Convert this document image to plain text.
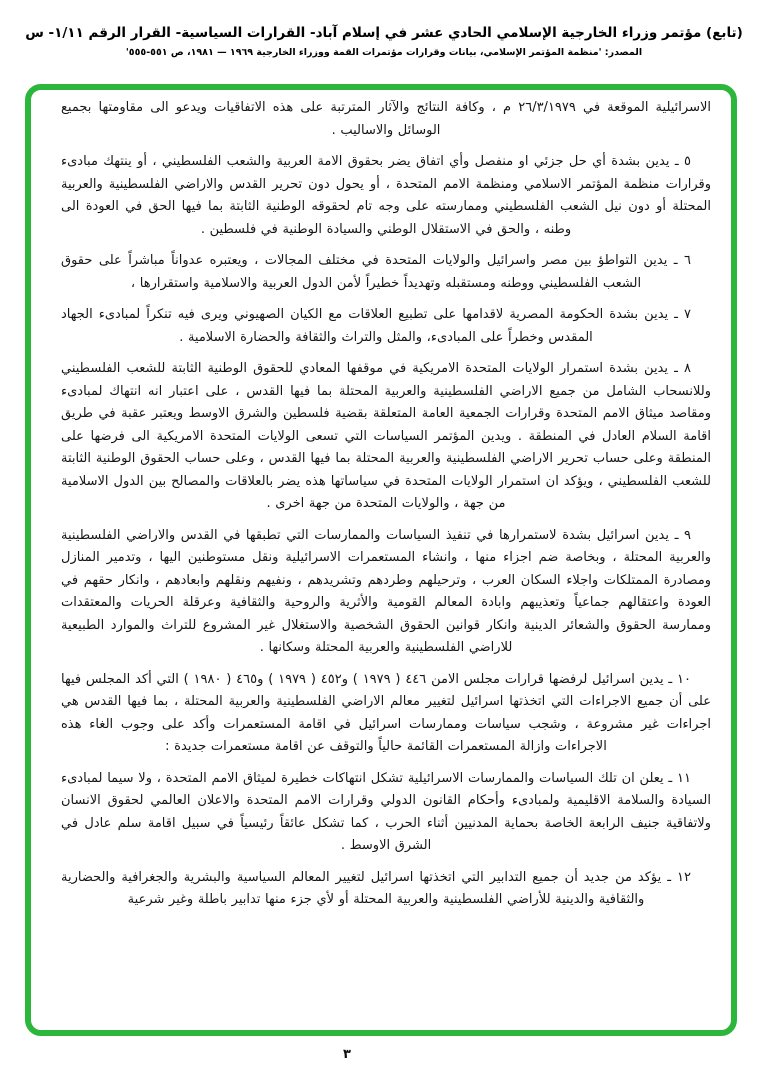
(تابع) مؤتمر وزراء الخارجية الإسلامي الحادي عشر في إسلام آباد- القرارات السياسية- القرار الرقم ١/١١- س
المصدر: 'منظمة المؤتمر الإسلامي، بيانات وقرارات مؤتمرات القمة ووزراء الخارجية ١٩٦٩ — ١٩٨١، ص ٥٥١-٥٥٥'

الاسرائيلية الموقعة في ٢٦/٣/١٩٧٩ م ، وكافة النتائج والآثار المترتبة على هذه الاتفاقيات ويدعو الى مقاومتها بجميع الوسائل والاساليب .

٥ ـ يدين بشدة أي حل جزئي او منفصل وأي اتفاق يضر بحقوق الامة العربية والشعب الفلسطيني ، أو ينتهك مبادىء وقرارات منظمة المؤتمر الاسلامي ومنظمة الامم المتحدة ، أو يحول دون تحرير القدس والاراضي الفلسطينية والعربية المحتلة أو دون نيل الشعب الفلسطيني وممارسته على وجه تام لحقوقه الوطنية الثابتة بما فيها الحق في العودة الى وطنه ، والحق في الاستقلال الوطني والسيادة الوطنية في فلسطين .

٦ ـ يدين التواطؤ بين مصر واسرائيل والولايات المتحدة في مختلف المجالات ، ويعتبره عدواناً مباشراً على حقوق الشعب الفلسطيني ووطنه ومستقبله وتهديداً خطيراً لأمن الدول العربية والاسلامية واستقرارها ،

٧ ـ يدين بشدة الحكومة المصرية لاقدامها على تطبيع العلاقات مع الكيان الصهيوني ويرى فيه تنكراً لمبادىء الجهاد المقدس وخطراً على المبادىء، والمثل والتراث والثقافة والحضارة الاسلامية .

٨ ـ يدين بشدة استمرار الولايات المتحدة الامريكية في موقفها المعادي للحقوق الوطنية الثابتة للشعب الفلسطيني وللانسحاب الشامل من جميع الاراضي الفلسطينية والعربية المحتلة بما فيها القدس ، على اعتبار انه انتهاك لمبادىء ومقاصد ميثاق الامم المتحدة وقرارات الجمعية العامة المتعلقة بقضية فلسطين والشرق الاوسط ويعتبر عقبة في طريق اقامة السلام العادل في المنطقة . ويدين المؤتمر السياسات التي تسعى الولايات المتحدة الامريكية الى فرضها على المنطقة وعلى حساب تحرير الاراضي الفلسطينية والعربية المحتلة بما فيها القدس ، وعلى حساب الحقوق الوطنية الثابتة للشعب الفلسطيني ، ويؤكد ان استمرار الولايات المتحدة في سياساتها هذه يضر بالعلاقات والمصالح بين الدول الاسلامية من جهة ، والولايات المتحدة من جهة اخرى .

٩ ـ يدين اسرائيل بشدة لاستمرارها في تنفيذ السياسات والممارسات التي تطبقها في القدس والاراضي الفلسطينية والعربية المحتلة ، وبخاصة ضم اجزاء منها ، وانشاء المستعمرات الاسرائيلية ونقل مستوطنين اليها ، وتدمير المنازل ومصادرة الممتلكات واجلاء السكان العرب ، وترحيلهم وطردهم وتشريدهم ، ونفيهم ونقلهم وابعادهم ، وانكار حقهم في العودة واعتقالهم جماعياً وتعذيبهم وابادة المعالم القومية والأثرية والروحية والثقافية وعرقلة الحريات والمعتقدات وممارسة الحقوق والشعائر الدينية وانكار قوانين الحقوق الشخصية والاستغلال غير المشروع للتراث والموارد الطبيعية للاراضي الفلسطينية والعربية المحتلة وسكانها .

١٠ ـ يدين اسرائيل لرفضها قرارات مجلس الامن ٤٤٦ ( ١٩٧٩ ) و٤٥٢ ( ١٩٧٩ ) و٤٦٥ ( ١٩٨٠ ) التي أكد المجلس فيها على أن جميع الاجراءات التي اتخذتها اسرائيل لتغيير معالم الاراضي الفلسطينية والعربية المحتلة ، بما فيها القدس هي اجراءات غير مشروعة ، وشجب سياسات وممارسات اسرائيل في اقامة المستعمرات وأكد على وجوب الغاء هذه الاجراءات وازالة المستعمرات القائمة حالياً والتوقف عن اقامة مستعمرات جديدة :

١١ ـ يعلن ان تلك السياسات والممارسات الاسرائيلية تشكل انتهاكات خطيرة لميثاق الامم المتحدة ، ولا سيما لمبادىء السيادة والسلامة الاقليمية ولمبادىء وأحكام القانون الدولي وقرارات الامم المتحدة والاعلان العالمي لحقوق الانسان ولاتفاقية جنيف الرابعة الخاصة بحماية المدنيين أثناء الحرب ، كما تشكل عائقاً رئيسياً في سبيل اقامة سلم عادل في الشرق الاوسط .

١٢ ـ يؤكد من جديد أن جميع التدابير التي اتخذتها اسرائيل لتغيير المعالم السياسية والبشرية والجغرافية والحضارية والثقافية والدينية للأراضي الفلسطينية والعربية المحتلة أو لأي جزء منها تدابير باطلة وغير شرعية

٣
